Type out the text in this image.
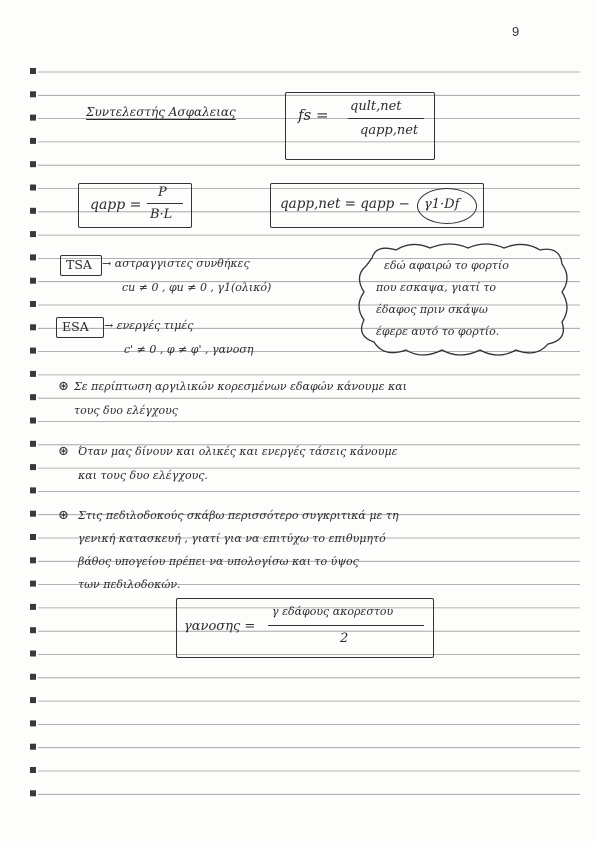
9
Συντελεστής Ασφαλειας	fs = qult,net
qapp,net
qapp =
P
B·L
qapp,net = qapp − γ1·Df
TSA → αστραγγιστες συνθήκες
cu ≠ 0 , φu ≠ 0 , γ1(ολικό)
ESA → ενεργές τιμές
c' ≠ 0 , φ ≠ φ' , γανοση
εδώ αφαιρώ το φορτίο
που εσκαψα, γιατί το
έδαφος πριν σκάψω
έφερε αυτό το φορτίο.
⊛ Σε περίπτωση αργιλικών κορεσμένων εδαφών κάνουμε και
τους δυο ελέγχους
⊛ Όταν μας δίνουν και ολικές και ενεργές τάσεις κάνουμε
και τους δυο ελέγχους.
⊛ Στις πεδιλοδοκούς σκάβω περισσότερο συγκριτικά με τη
γενική κατασκευή , γιατί για να επιτύχω το επιθυμητό
βάθος υπογείου πρέπει να υπολογίσω και το ύψος
των πεδιλοδοκών.
γανοσης =
γ εδάφους ακορεστου
2
